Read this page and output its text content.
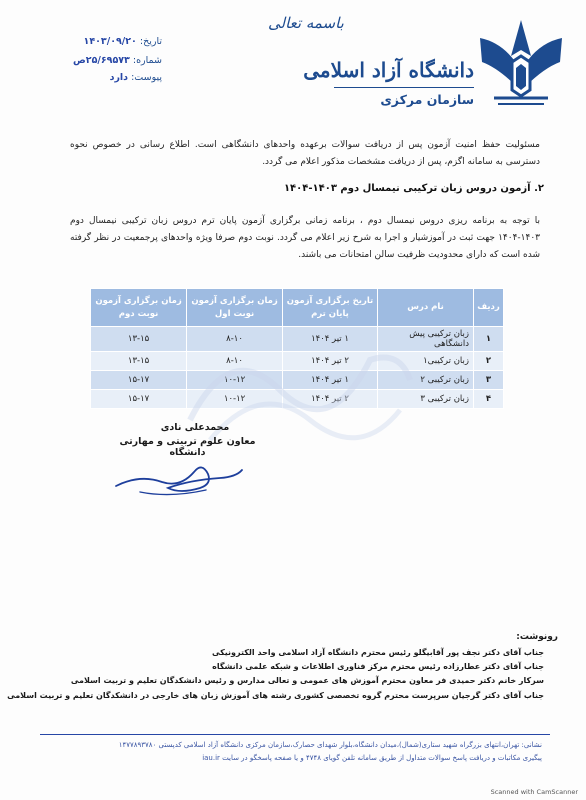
دانشگاه آزاد اسلامی
سازمان مرکزی
باسمه تعالی
تاریخ: ۱۴۰۳/۰۹/۲۰
شماره: ۲۵/۶۹۵۷۳ص
پیوست: دارد

مسئولیت حفظ امنیت آزمون پس از دریافت سوالات برعهده واحدهای دانشگاهی است. اطلاع رسانی در خصوص نحوه دسترسی به سامانه اگزم، پس از دریافت مشخصات مذکور اعلام می گردد.

۲. آزمون دروس زبان ترکیبی نیمسال دوم ۱۴۰۳-۱۴۰۴

با توجه به برنامه ریزی دروس نیمسال دوم ، برنامه زمانی برگزاری آزمون پایان ترم دروس زبان ترکیبی نیمسال دوم ۱۴۰۳-۱۴۰۴ جهت ثبت در آموزشیار و اجرا به شرح زیر اعلام می گردد. نوبت دوم صرفا ویژه واحدهای پرجمعیت در نظر گرفته شده است که دارای محدودیت ظرفیت سالن امتحانات می باشند.

ردیف	نام درس	تاریخ برگزاری آزمون پایان ترم	زمان برگزاری آزمون نوبت اول	زمان برگزاری آزمون نوبت دوم
۱	زبان ترکیبی پیش دانشگاهی	۱ تیر ۱۴۰۴	۸-۱۰	۱۳-۱۵
۲	زبان ترکیبی۱	۲ تیر ۱۴۰۴	۸-۱۰	۱۳-۱۵
۳	زبان ترکیبی ۲	۱ تیر ۱۴۰۴	۱۰-۱۲	۱۵-۱۷
۴	زبان ترکیبی ۳	۲ تیر ۱۴۰۴	۱۰-۱۲	۱۵-۱۷
محمدعلی نادی
معاون علوم تربیتی و مهارتی دانشگاه
رونوشت:
جناب آقای دکتر نجف پور آقابیگلو رئیس محترم دانشگاه آزاد اسلامی واحد الکترونیکی
جناب آقای دکتر عطارزاده رئیس محترم مرکز فناوری اطلاعات و شبکه علمی دانشگاه
سرکار خانم دکتر حمیدی فر معاون محترم آموزش های عمومی و تعالی مدارس و رئیس دانشکدگان تعلیم و تربیت اسلامی
جناب آقای دکتر گرجیان سرپرست محترم گروه تخصصی کشوری رشته های آموزش زبان های خارجی در دانشکدگان تعلیم و تربیت اسلامی
نشانی: تهران،انتهای بزرگراه شهید ستاری(شمال)،میدان دانشگاه،بلوار شهدای حصارک،سازمان مرکزی دانشگاه آزاد اسلامی کدپستی ۱۴۷۷۸۹۳۷۸۰
پیگیری مکاتبات و دریافت پاسخ سوالات متداول از طریق سامانه تلفن گویای ۴۷۴۸ و یا صفحه پاسخگو در سایت iau.ir
Scanned with CamScanner
